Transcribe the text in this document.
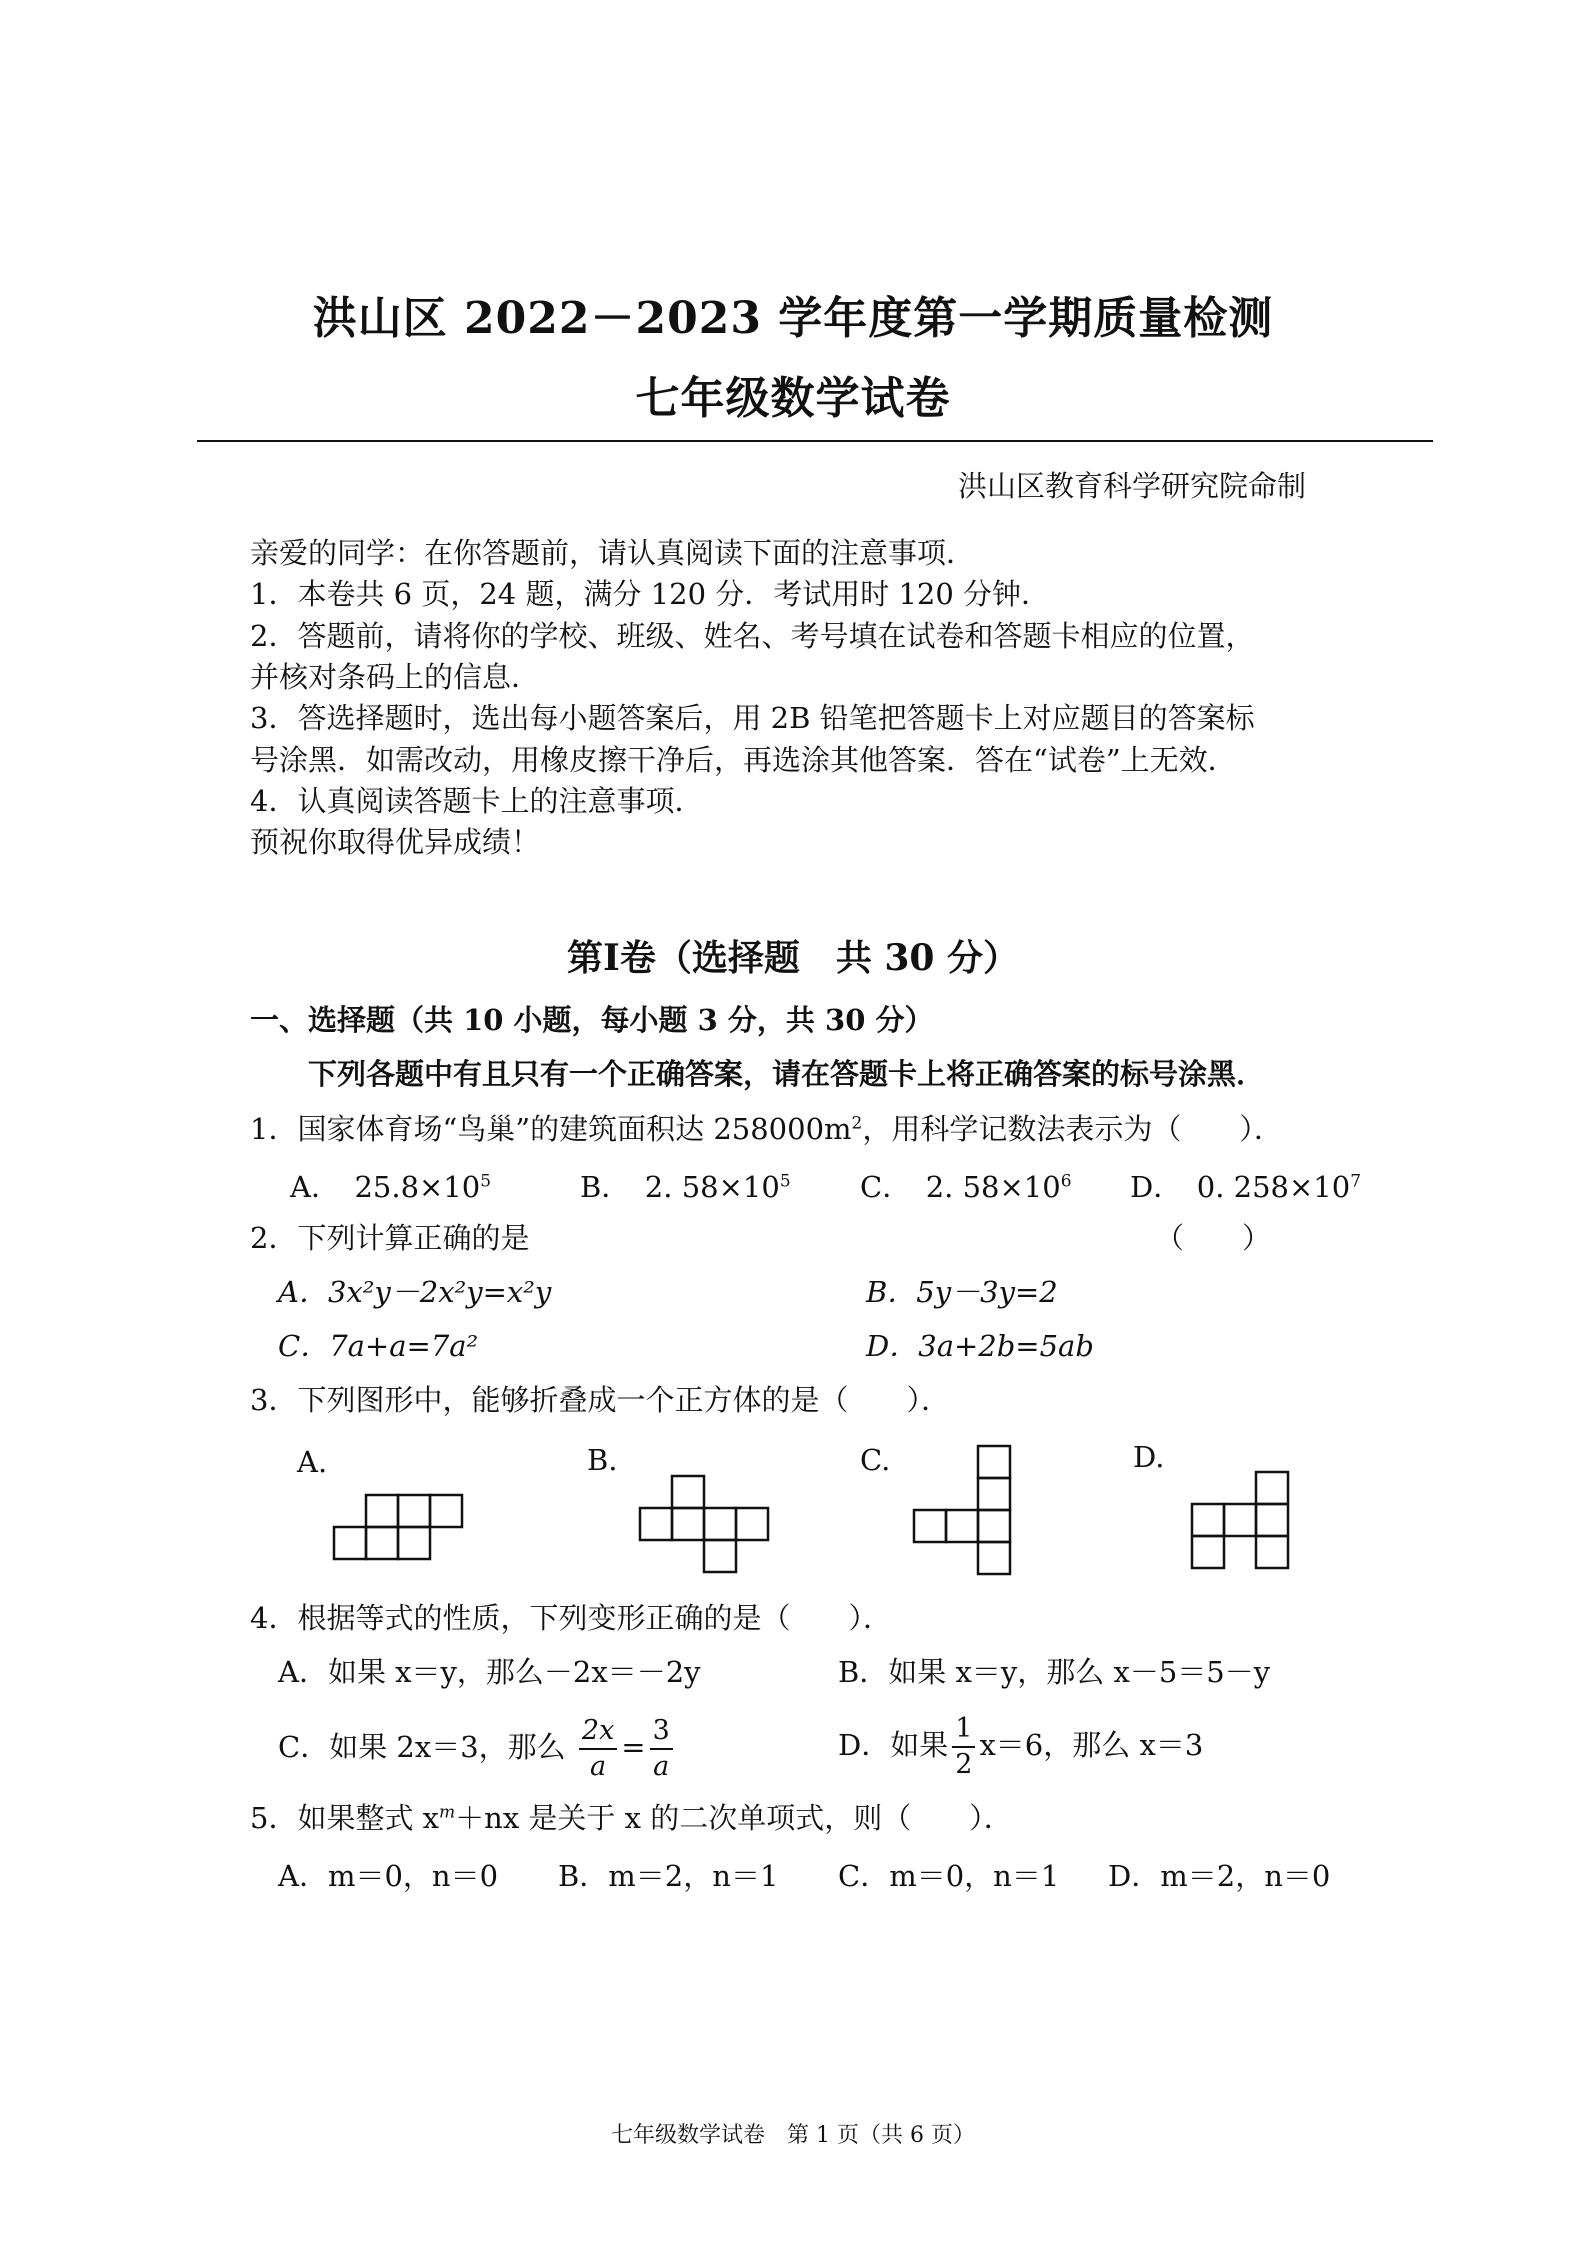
洪山区 2022－2023 学年度第一学期质量检测
七年级数学试卷
洪山区教育科学研究院命制
亲爱的同学：在你答题前，请认真阅读下面的注意事项．
1．本卷共 6 页，24 题，满分 120 分．考试用时 120 分钟．
2．答题前，请将你的学校、班级、姓名、考号填在试卷和答题卡相应的位置，
并核对条码上的信息．
3．答选择题时，选出每小题答案后，用 2B 铅笔把答题卡上对应题目的答案标
号涂黑．如需改动，用橡皮擦干净后，再选涂其他答案．答在“试卷”上无效．
4．认真阅读答题卡上的注意事项．
预祝你取得优异成绩！
第Ⅰ卷（选择题　共 30 分）
一、选择题（共 10 小题，每小题 3 分，共 30 分）
下列各题中有且只有一个正确答案，请在答题卡上将正确答案的标号涂黑．
1．国家体育场“鸟巢”的建筑面积达 $258000m^2$，用科学记数法表示为（　　）．
A．　$25.8\times 10^5$	B．　2. $58\times 10^5$ C．　2. $58\times 10^6$ D．　0. $258\times 10^7$
2．下列计算正确的是	（　　）
A．3x²y－2x²y=x²y	B．5y－3y=2
C．7a+a=7a²	D．3a+2b=5ab
3．下列图形中，能够折叠成一个正方体的是（　　）．
A.	B.	C.	D.
4．根据等式的性质，下列变形正确的是（　　）．
A．如果 x＝y，那么－2x＝－2y	B．如果 x＝y，那么 x－5＝5－y
C．如果 2x＝3，那么 $\frac{2x}{a} = \frac{3}{a}$	D．如果 $\frac{1}{2} x=6$，那么 x＝3
5．如果整式 $x^m+nx$ 是关于 x 的二次单项式，则（　　）．
A．m＝0，n＝0 B．m＝2，n＝1 C．m＝0，n＝1 D．m＝2，n＝0
七年级数学试卷　第 1 页（共 6 页）
